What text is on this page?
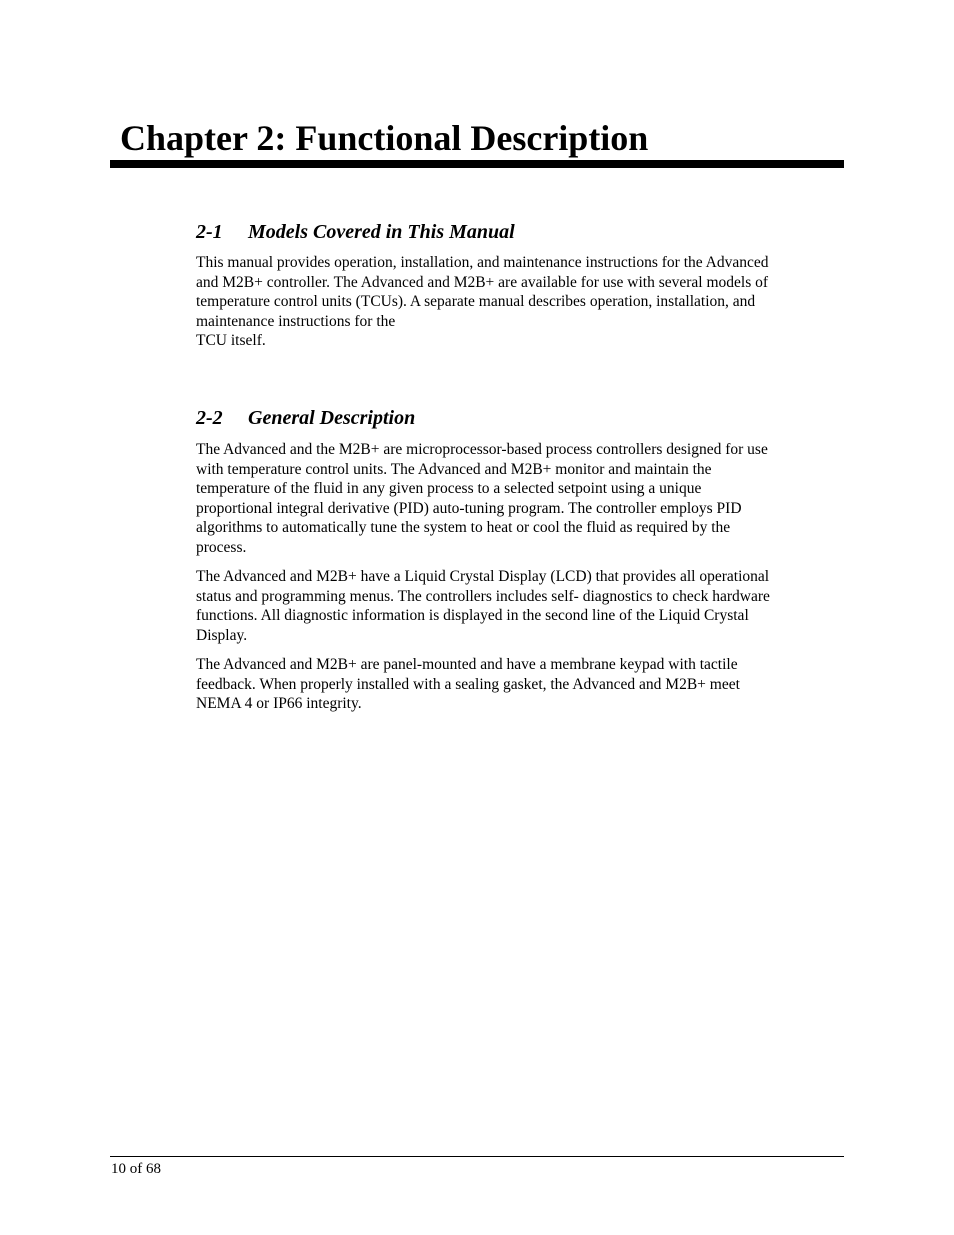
Chapter 2: Functional Description
2-1 Models Covered in This Manual

This manual provides operation, installation, and maintenance instructions for the Advanced
and M2B+ controller. The Advanced and M2B+ are available for use with several models of
temperature control units (TCUs). A separate manual describes operation, installation, and
maintenance instructions for the
TCU itself.

2-2 General Description

The Advanced and the M2B+ are microprocessor-based process controllers designed for use
with temperature control units. The Advanced and M2B+ monitor and maintain the
temperature of the fluid in any given process to a selected setpoint using a unique
proportional integral derivative (PID) auto-tuning program. The controller employs PID
algorithms to automatically tune the system to heat or cool the fluid as required by the
process.

The Advanced and M2B+ have a Liquid Crystal Display (LCD) that provides all operational
status and programming menus. The controllers includes self- diagnostics to check hardware
functions. All diagnostic information is displayed in the second line of the Liquid Crystal
Display.

The Advanced and M2B+ are panel-mounted and have a membrane keypad with tactile
feedback. When properly installed with a sealing gasket, the Advanced and M2B+ meet
NEMA 4 or IP66 integrity.

10 of 68
